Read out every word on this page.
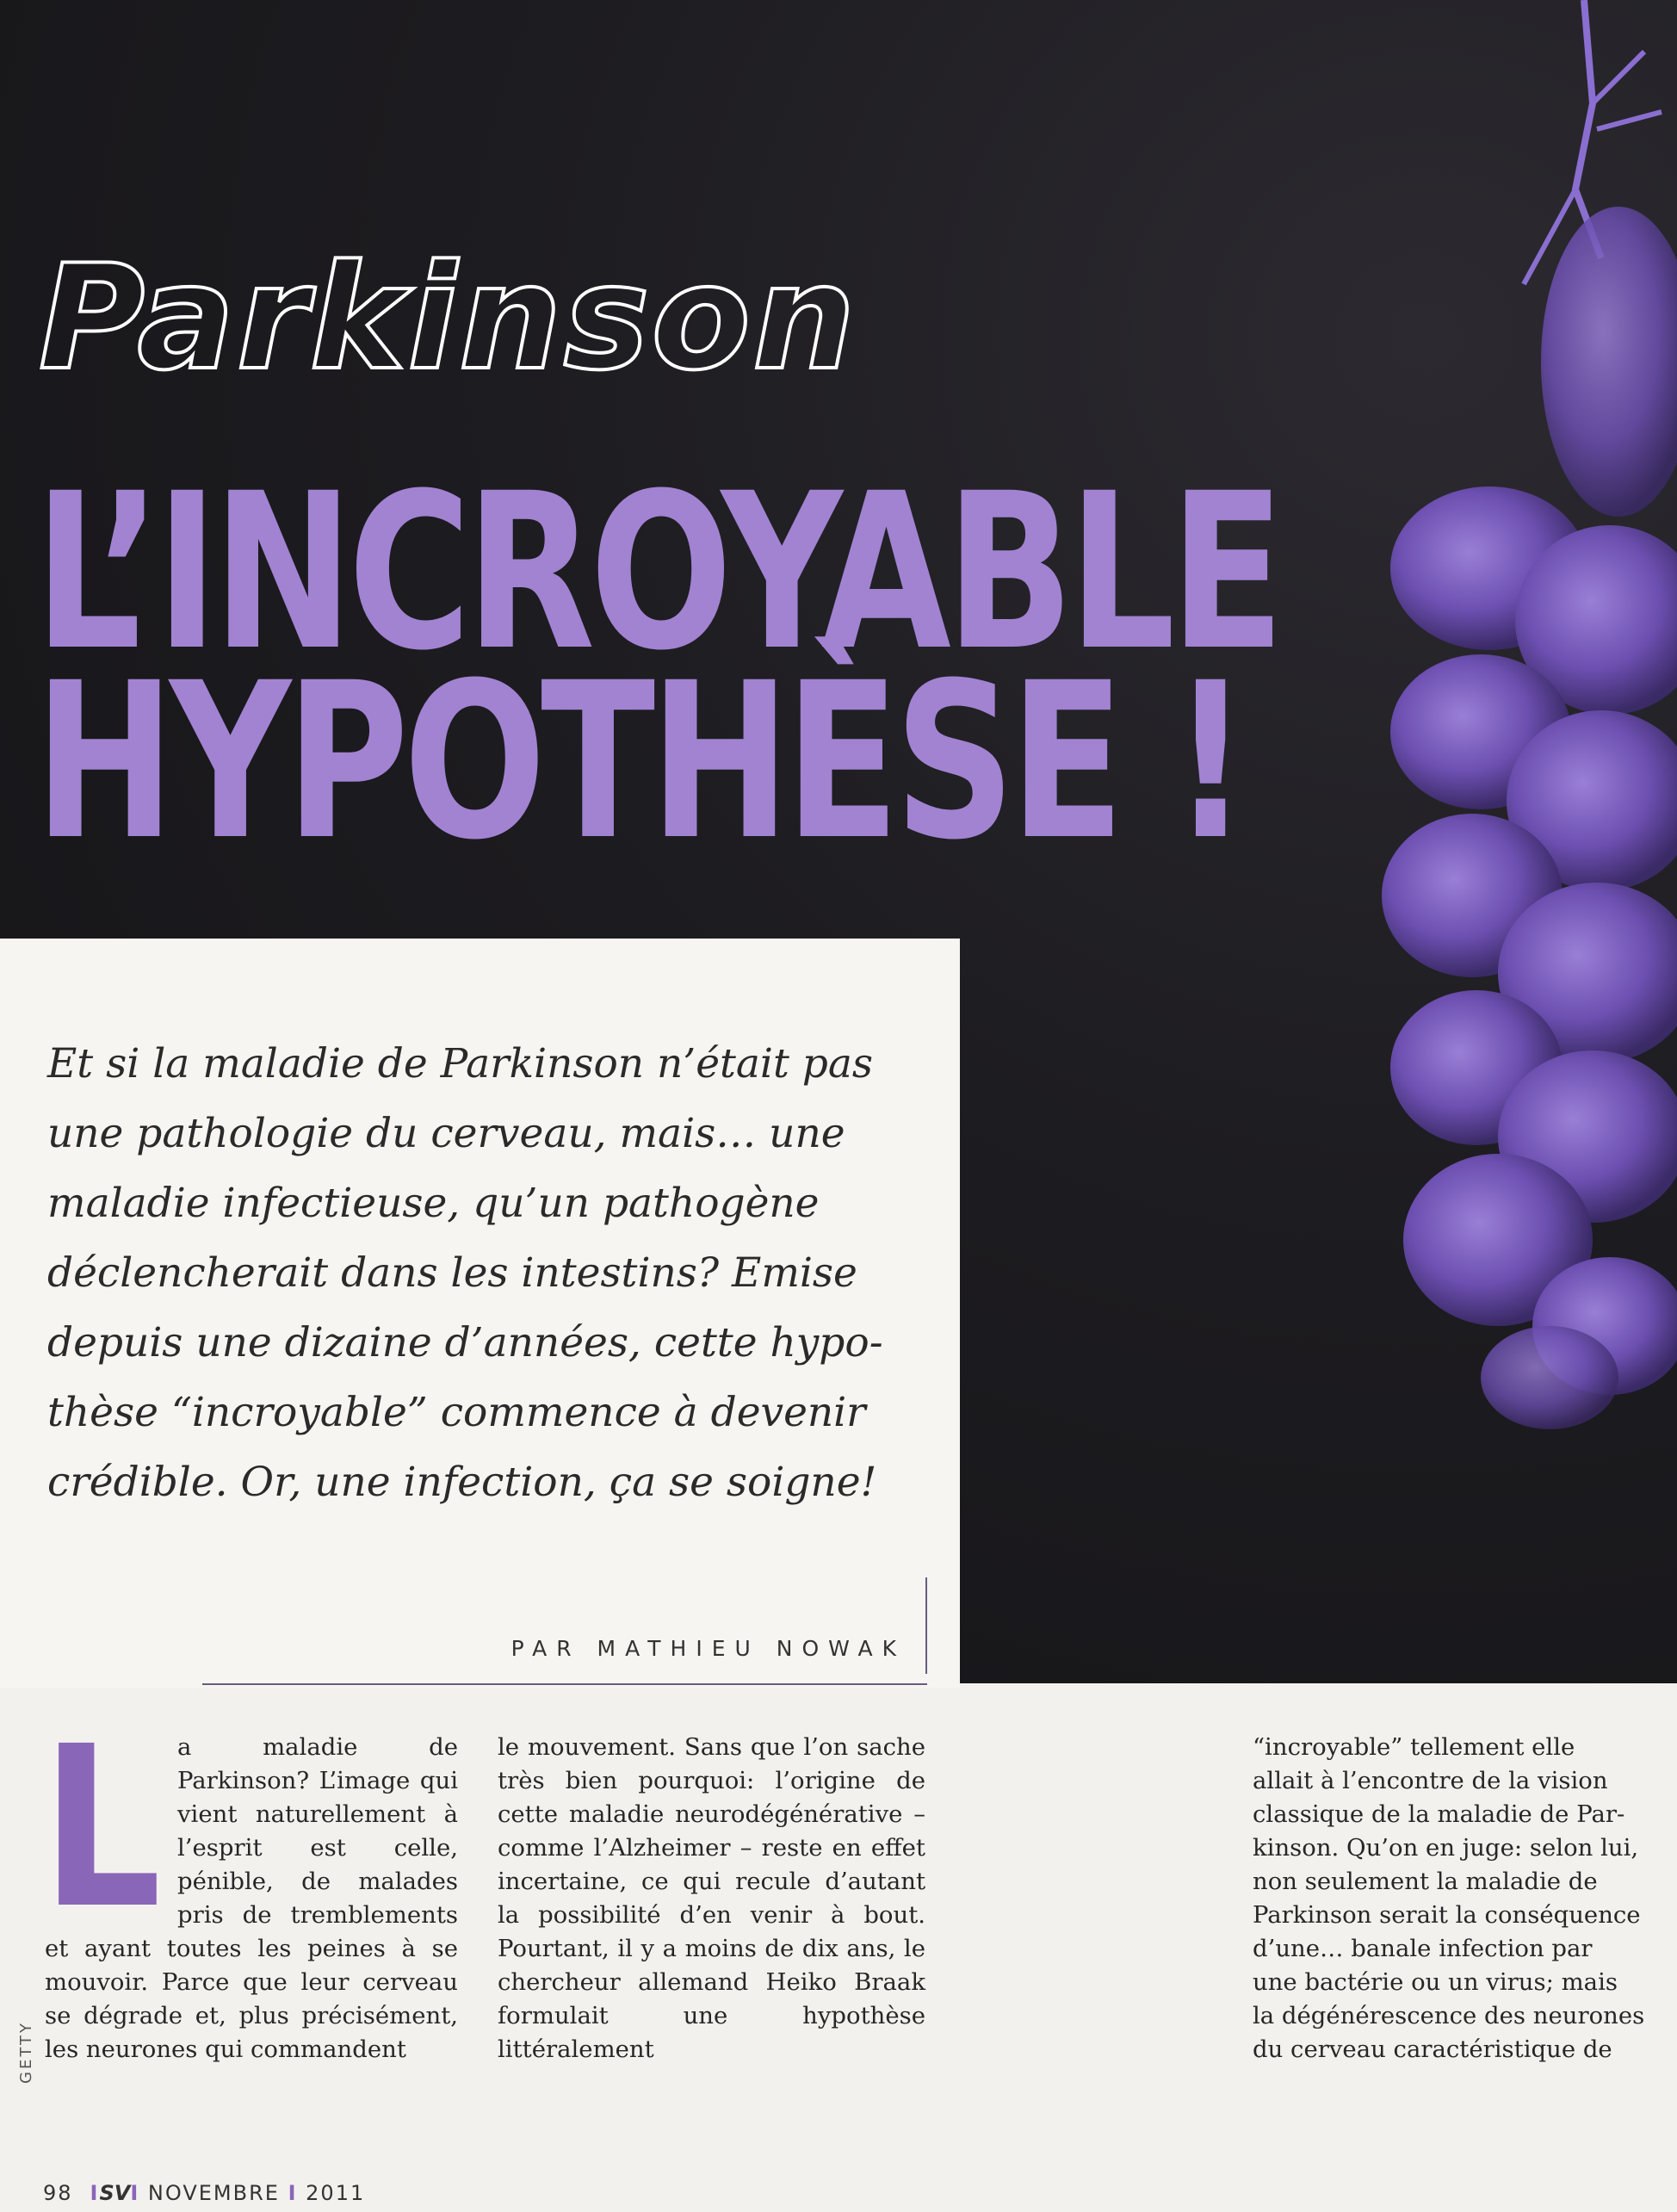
Parkinson
L’INCROYABLE
HYPOTHÈSE !

Et si la maladie de Parkinson n’était pas une pathologie du cerveau, mais… une maladie infectieuse, qu’un pathogène déclencherait dans les intestins? Emise depuis une dizaine d’années, cette hypothèse “incroyable” commence à devenir crédible. Or, une infection, ça se soigne!

PAR MATHIEU NOWAK
L a maladie de Parkinson? L’image qui vient naturellement à l’esprit est celle, pénible, de malades pris de tremblements et ayant toutes les peines à se mouvoir. Parce que leur cerveau se dégrade et, plus précisément, les neurones qui commandent

le mouvement. Sans que l’on sache très bien pourquoi: l’origine de cette maladie neurodégénérative – comme l’Alzheimer – reste en effet incertaine, ce qui recule d’autant la possibilité d’en venir à bout. Pourtant, il y a moins de dix ans, le chercheur allemand Heiko Braak formulait une hypothèse littéralement

“incroyable” tellement elle
allait à l’encontre de la vision
classique de la maladie de Par-
kinson. Qu’on en juge: selon lui,
non seulement la maladie de
Parkinson serait la conséquence
d’une… banale infection par
une bactérie ou un virus; mais
la dégénérescence des neurones
du cerveau caractéristique de
GETTY
98  ISVI NOVEMBRE I 2011
